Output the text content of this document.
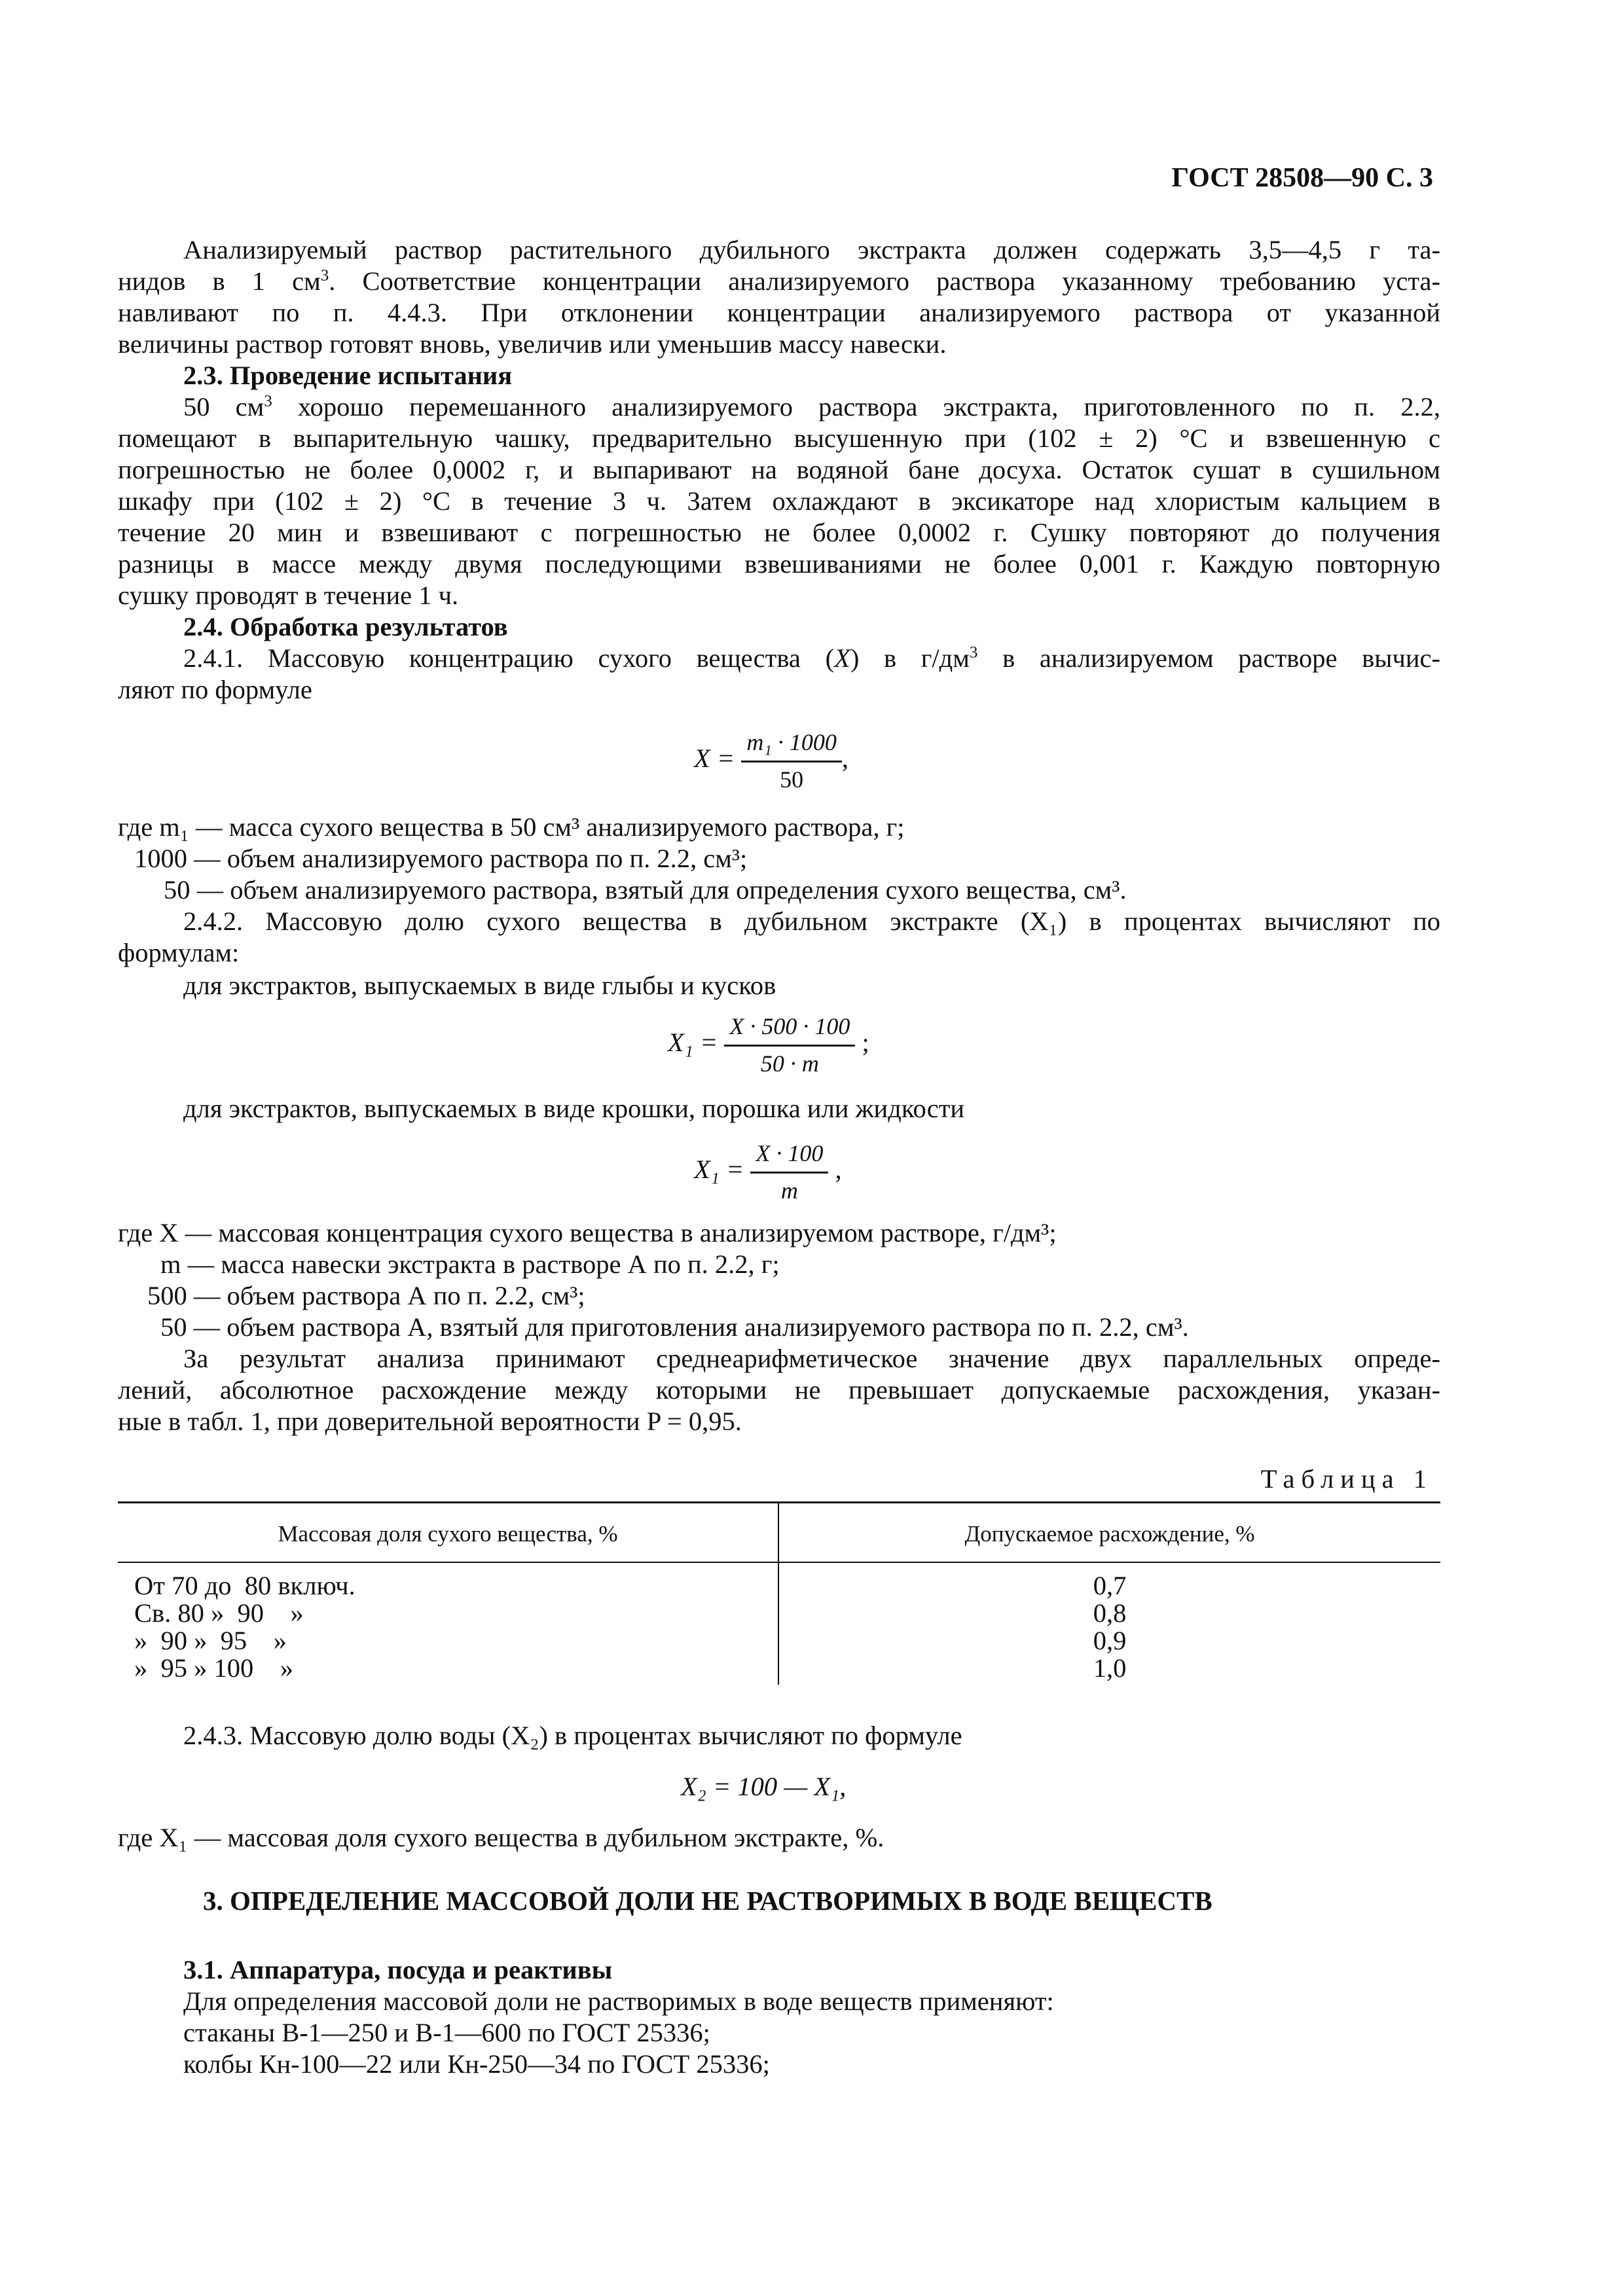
ГОСТ 28508—90 С. 3
Анализируемый раствор растительного дубильного экстракта должен содержать 3,5—4,5 г та-
нидов в 1 $см^3$. Соответствие концентрации анализируемого раствора указанному требованию уста-
навливают по п. 4.4.3. При отклонении концентрации анализируемого раствора от указанной
величины раствор готовят вновь, увеличив или уменьшив массу навески.
2.3. Проведение испытания
50 $см^3$ хорошо перемешанного анализируемого раствора экстракта, приготовленного по п. 2.2,
помещают в выпарительную чашку, предварительно высушенную при (102 ± 2) °С и взвешенную с
погрешностью не более 0,0002 г, и выпаривают на водяной бане досуха. Остаток сушат в сушильном
шкафу при (102 ± 2) °С в течение 3 ч. Затем охлаждают в эксикаторе над хлористым кальцием в
течение 20 мин и взвешивают с погрешностью не более 0,0002 г. Сушку повторяют до получения
разницы в массе между двумя последующими взвешиваниями не более 0,001 г. Каждую повторную
сушку проводят в течение 1 ч.
2.4. Обработка результатов
2.4.1. Массовую концентрацию сухого вещества (X) в $г/дм^3$ в анализируемом растворе вычис-
ляют по формуле
$X = \frac{\text{m₁ · 1000}}{50}$ ,
где m₁ — масса сухого вещества в 50 см³ анализируемого раствора, г;
1000 — объем анализируемого раствора по п. 2.2, см³;
50 — объем анализируемого раствора, взятый для определения сухого вещества, см³.
2.4.2. Массовую долю сухого вещества в дубильном экстракте (X₁) в процентах вычисляют по
формулам:
для экстрактов, выпускаемых в виде глыбы и кусков
$X_1 = \frac{X \cdot 500 \cdot 100}{50 \cdot m}$ ;
для экстрактов, выпускаемых в виде крошки, порошка или жидкости
$X_1 = \frac{X \cdot 100}{m}$ ,
где X — массовая концентрация сухого вещества в анализируемом растворе, г/дм³;
m — масса навески экстракта в растворе А по п. 2.2, г;
500 — объем раствора А по п. 2.2, см³;
50 — объем раствора А, взятый для приготовления анализируемого раствора по п. 2.2, см³.
За результат анализа принимают среднеарифметическое значение двух параллельных опреде-
лений, абсолютное расхождение между которыми не превышает допускаемые расхождения, указан-
ные в табл. 1, при доверительной вероятности P = 0,95.
Таблица 1
Массовая доля сухого вещества, %	Допускаемое расхождение, %
От 70 до  80 включ.	0,7
Св. 80 »  90    »	0,8
»  90 »  95    »	0,9
»  95 » 100    »	1,0
2.4.3. Массовую долю воды (X₂) в процентах вычисляют по формуле
X₂ = 100 — X₁,
где X₁ — массовая доля сухого вещества в дубильном экстракте, %.
3. ОПРЕДЕЛЕНИЕ МАССОВОЙ ДОЛИ НЕ РАСТВОРИМЫХ В ВОДЕ ВЕЩЕСТВ
3.1. Аппаратура, посуда и реактивы
Для определения массовой доли не растворимых в воде веществ применяют:
стаканы В-1—250 и В-1—600 по ГОСТ 25336;
колбы Кн-100—22 или Кн-250—34 по ГОСТ 25336;
